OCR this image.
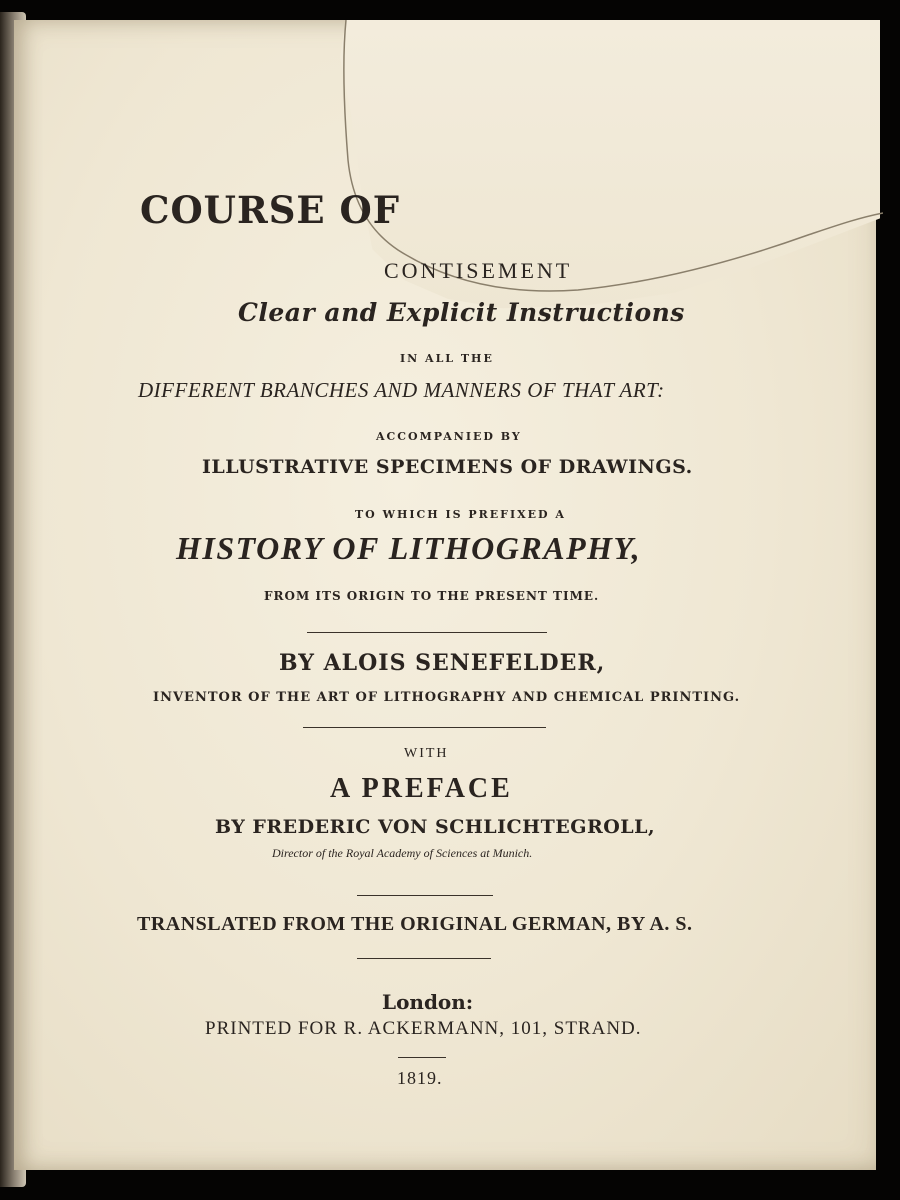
COURSE OF

CONTISEMENT

Clear and Explicit Instructions

IN ALL THE

DIFFERENT BRANCHES AND MANNERS OF THAT ART:

ACCOMPANIED BY

ILLUSTRATIVE SPECIMENS OF DRAWINGS.

TO WHICH IS PREFIXED A

HISTORY OF LITHOGRAPHY,

FROM ITS ORIGIN TO THE PRESENT TIME.

BY ALOIS SENEFELDER,

INVENTOR OF THE ART OF LITHOGRAPHY AND CHEMICAL PRINTING.

WITH

A PREFACE

BY FREDERIC VON SCHLICHTEGROLL,

Director of the Royal Academy of Sciences at Munich.

TRANSLATED FROM THE ORIGINAL GERMAN, BY A. S.

London:

PRINTED FOR R. ACKERMANN, 101, STRAND.

1819.
